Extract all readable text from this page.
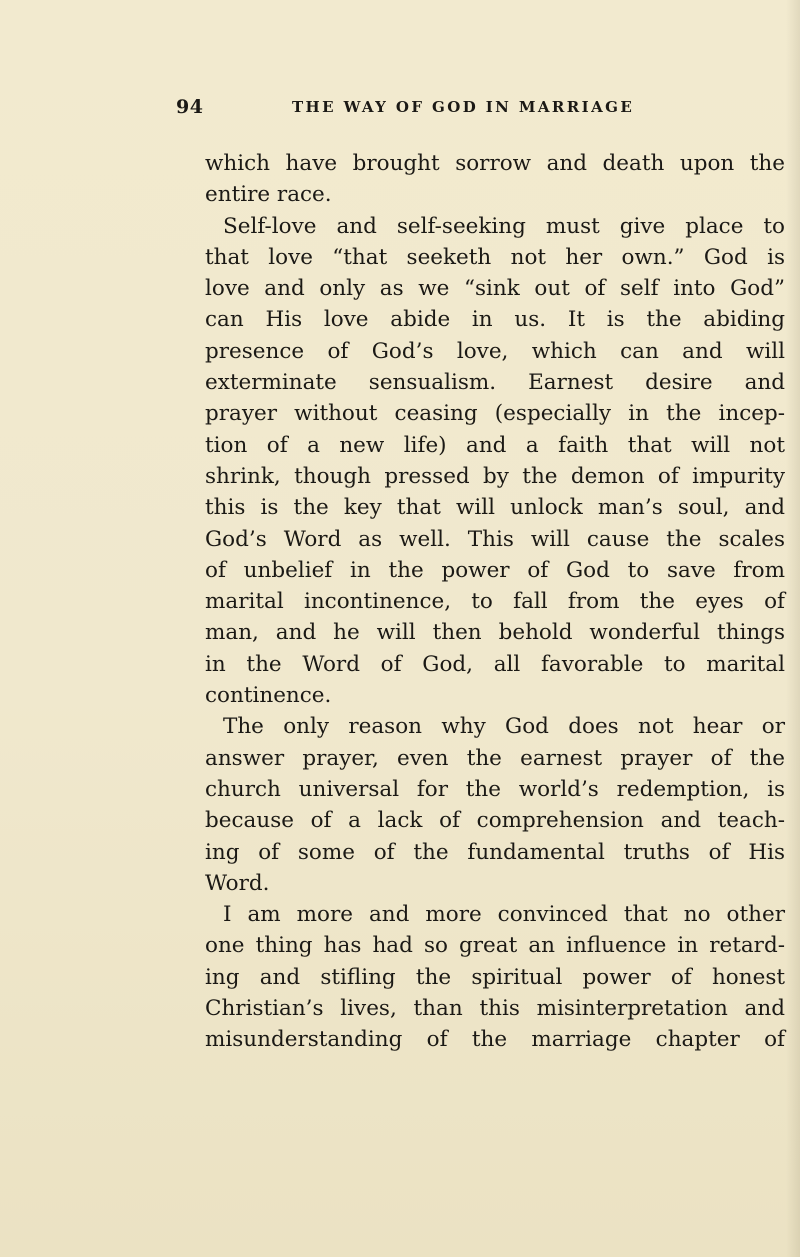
94	THE WAY OF GOD IN MARRIAGE
which have brought sorrow and death upon the
entire race.
Self-love and self-seeking must give place to
that love “that seeketh not her own.” God is
love and only as we “sink out of self into God”
can His love abide in us. It is the abiding
presence of God’s love, which can and will
exterminate sensualism. Earnest desire and
prayer without ceasing (especially in the incep-
tion of a new life) and a faith that will not
shrink, though pressed by the demon of impurity
this is the key that will unlock man’s soul, and
God’s Word as well. This will cause the scales
of unbelief in the power of God to save from
marital incontinence, to fall from the eyes of
man, and he will then behold wonderful things
in the Word of God, all favorable to marital
continence.
The only reason why God does not hear or
answer prayer, even the earnest prayer of the
church universal for the world’s redemption, is
because of a lack of comprehension and teach-
ing of some of the fundamental truths of His
Word.
I am more and more convinced that no other
one thing has had so great an influence in retard-
ing and stifling the spiritual power of honest
Christian’s lives, than this misinterpretation and
misunderstanding of the marriage chapter of
